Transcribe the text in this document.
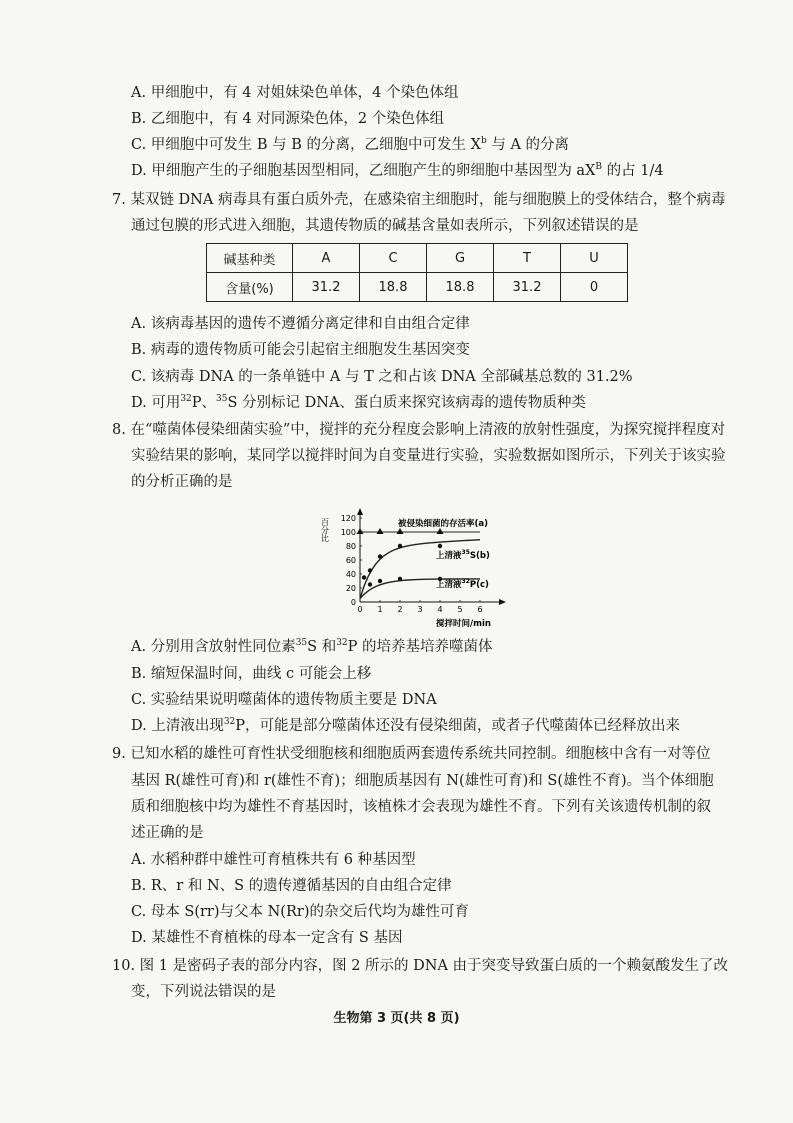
A. 甲细胞中，有 4 对姐妹染色单体，4 个染色体组
B. 乙细胞中，有 4 对同源染色体，2 个染色体组
C. 甲细胞中可发生 B 与 B 的分离，乙细胞中可发生 $X^b$ 与 A 的分离
D. 甲细胞产生的子细胞基因型相同，乙细胞产生的卵细胞中基因型为 $aX^B$ 的占 1/4
7. 某双链 DNA 病毒具有蛋白质外壳，在感染宿主细胞时，能与细胞膜上的受体结合，整个病毒
通过包膜的形式进入细胞，其遗传物质的碱基含量如表所示，下列叙述错误的是
碱基种类	A	C	G	T	U
含量(%)	31.2	18.8	18.8	31.2	0
A. 该病毒基因的遗传不遵循分离定律和自由组合定律
B. 病毒的遗传物质可能会引起宿主细胞发生基因突变
C. 该病毒 DNA 的一条单链中 A 与 T 之和占该 DNA 全部碱基总数的 31.2%
D. 可用$^{32}$P、$^{35}$S 分别标记 DNA、蛋白质来探究该病毒的遗传物质种类
8. 在“噬菌体侵染细菌实验”中，搅拌的充分程度会影响上清液的放射性强度，为探究搅拌程度对
实验结果的影响，某同学以搅拌时间为自变量进行实验，实验数据如图所示，下列关于该实验
的分析正确的是
百分比
0
20
40
60
80
100
120
0 1 2 3 4 5 6
被侵染细菌的存活率(a)
上清液$^{35}$S(b)
上清液$^{32}$P(c)
搅拌时间/min
A. 分别用含放射性同位素$^{35}$S 和$^{32}$P 的培养基培养噬菌体
B. 缩短保温时间，曲线 c 可能会上移
C. 实验结果说明噬菌体的遗传物质主要是 DNA
D. 上清液出现$^{32}$P，可能是部分噬菌体还没有侵染细菌，或者子代噬菌体已经释放出来
9. 已知水稻的雄性可育性状受细胞核和细胞质两套遗传系统共同控制。细胞核中含有一对等位
基因 R(雄性可育)和 r(雄性不育)；细胞质基因有 N(雄性可育)和 S(雄性不育)。当个体细胞
质和细胞核中均为雄性不育基因时，该植株才会表现为雄性不育。下列有关该遗传机制的叙
述正确的是
A. 水稻种群中雄性可育植株共有 6 种基因型
B. R、r 和 N、S 的遗传遵循基因的自由组合定律
C. 母本 S(rr)与父本 N(Rr)的杂交后代均为雄性可育
D. 某雄性不育植株的母本一定含有 S 基因
10. 图 1 是密码子表的部分内容，图 2 所示的 DNA 由于突变导致蛋白质的一个赖氨酸发生了改
变，下列说法错误的是
生物第 3 页(共 8 页)
